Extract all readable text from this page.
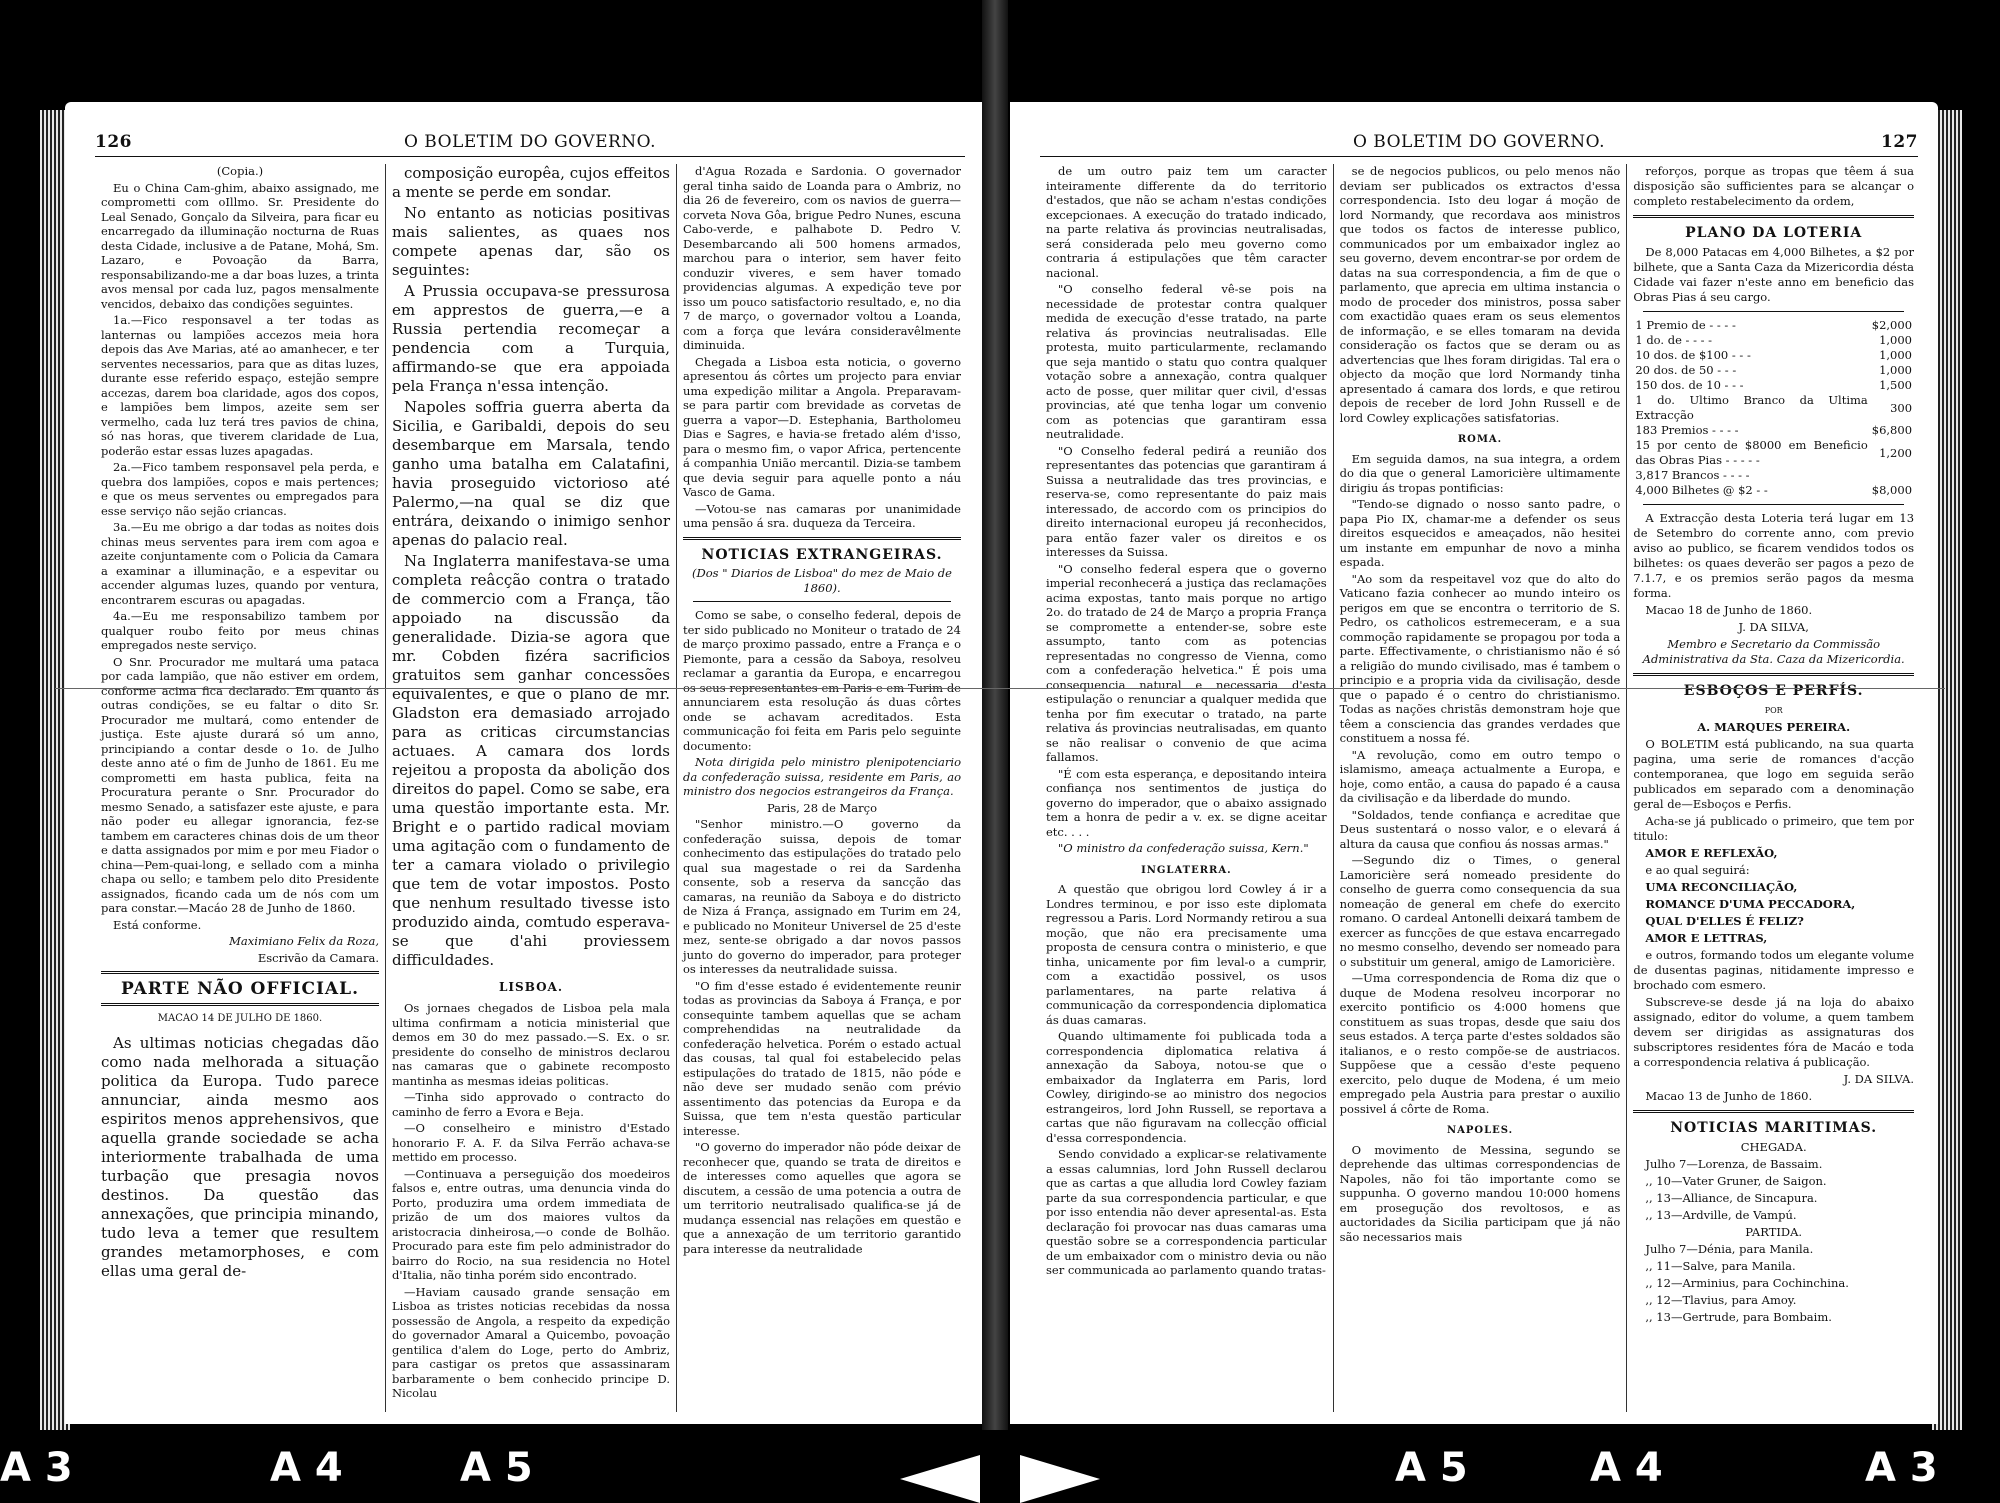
126	O BOLETIM DO GOVERNO.

(Copia.)

Eu o China Cam-ghim, abaixo assignado, me comprometti com oIllmo. Sr. Presidente do Leal Senado, Gonçalo da Silveira, para ficar eu encarregado da illuminação nocturna de Ruas desta Cidade, inclusive a de Patane, Mohá, Sm. Lazaro, e Povoação da Barra, responsabilizando-me a dar boas luzes, a trinta avos mensal por cada luz, pagos mensalmente vencidos, debaixo das condições seguintes.

1a.—Fico responsavel a ter todas as lanternas ou lampiões accezos meia hora depois das Ave Marias, até ao amanhecer, e ter serventes necessarios, para que as ditas luzes, durante esse referido espaço, estejão sempre accezas, darem boa claridade, agos dos copos, e lampiões bem limpos, azeite sem ser vermelho, cada luz terá tres pavios de china, só nas horas, que tiverem claridade de Lua, poderão estar essas luzes apagadas.

2a.—Fico tambem responsavel pela perda, e quebra dos lampiões, copos e mais pertences; e que os meus serventes ou empregados para esse serviço não sejão criancas.

3a.—Eu me obrigo a dar todas as noites dois chinas meus serventes para irem com agoa e azeite conjuntamente com o Policia da Camara a examinar a illuminação, e a espevitar ou accender algumas luzes, quando por ventura, encontrarem escuras ou apagadas.

4a.—Eu me responsabilizo tambem por qualquer roubo feito por meus chinas empregados neste serviço.

O Snr. Procurador me multará uma pataca por cada lampião, que não estiver em ordem, conforme acima fica declarado. Em quanto ás outras condições, se eu faltar o dito Sr. Procurador me multará, como entender de justiça. Este ajuste durará só um anno, principiando a contar desde o 1o. de Julho deste anno até o fim de Junho de 1861. Eu me comprometti em hasta publica, feita na Procuratura perante o Snr. Procurador do mesmo Senado, a satisfazer este ajuste, e para não poder eu allegar ignorancia, fez-se tambem em caracteres chinas dois de um theor e datta assignados por mim e por meu Fiador o china—Pem-quai-long, e sellado com a minha chapa ou sello; e tambem pelo dito Presidente assignados, ficando cada um de nós com um para constar.—Macáo 28 de Junho de 1860.

Está conforme.

Maximiano Felix da Roza,

Escrivão da Camara.

PARTE NÃO OFFICIAL.
MACAO 14 DE JULHO DE 1860.

As ultimas noticias chegadas dão como nada melhorada a situação politica da Europa. Tudo parece annunciar, ainda mesmo aos espiritos menos apprehensivos, que aquella grande sociedade se acha interiormente trabalhada de uma turbação que presagia novos destinos. Da questão das annexações, que principia minando, tudo leva a temer que resultem grandes metamorphoses, e com ellas uma geral de-

composição europêa, cujos effeitos a mente se perde em sondar.

No entanto as noticias positivas mais salientes, as quaes nos compete apenas dar, são os seguintes:

A Prussia occupava-se pressurosa em apprestos de guerra,—e a Russia pertendia recomeçar a pendencia com a Turquia, affirmando-se que era appoiada pela França n'essa intenção.

Napoles soffria guerra aberta da Sicilia, e Garibaldi, depois do seu desembarque em Marsala, tendo ganho uma batalha em Calatafini, havia proseguido victorioso até Palermo,—na qual se diz que entrára, deixando o inimigo senhor apenas do palacio real.

Na Inglaterra manifestava-se uma completa reâcção contra o tratado de commercio com a França, tão appoiado na discussão da generalidade. Dizia-se agora que mr. Cobden fizéra sacrificios gratuitos sem ganhar concessões equivalentes, e que o plano de mr. Gladston era demasiado arrojado para as criticas circumstancias actuaes. A camara dos lords rejeitou a proposta da abolição dos direitos do papel. Como se sabe, era uma questão importante esta. Mr. Bright e o partido radical moviam uma agitação com o fundamento de ter a camara violado o privilegio que tem de votar impostos. Posto que nenhum resultado tivesse isto produzido ainda, comtudo esperava-se que d'ahi proviessem difficuldades.

LISBOA.

Os jornaes chegados de Lisboa pela mala ultima confirmam a noticia ministerial que demos em 30 do mez passado.—S. Ex. o sr. presidente do conselho de ministros declarou nas camaras que o gabinete recomposto mantinha as mesmas ideias politicas.

—Tinha sido approvado o contracto do caminho de ferro a Evora e Beja.

—O conselheiro e ministro d'Estado honorario F. A. F. da Silva Ferrão achava-se mettido em processo.

—Continuava a perseguição dos moedeiros falsos e, entre outras, uma denuncia vinda do Porto, produzira uma ordem immediata de prizão de um dos maiores vultos da aristocracia dinheirosa,—o conde de Bolhão. Procurado para este fim pelo administrador do bairro do Rocio, na sua residencia no Hotel d'Italia, não tinha porém sido encontrado.

—Haviam causado grande sensação em Lisboa as tristes noticias recebidas da nossa possessão de Angola, a respeito da expedição do governador Amaral a Quicembo, povoação gentilica d'alem do Loge, perto do Ambriz, para castigar os pretos que assassinaram barbaramente o bem conhecido principe D. Nicolau

d'Agua Rozada e Sardonia. O governador geral tinha saido de Loanda para o Ambriz, no dia 26 de fevereiro, com os navios de guerra—corveta Nova Gôa, brigue Pedro Nunes, escuna Cabo-verde, e palhabote D. Pedro V. Desembarcando ali 500 homens armados, marchou para o interior, sem haver feito conduzir viveres, e sem haver tomado providencias algumas. A expedição teve por isso um pouco satisfactorio resultado, e, no dia 7 de março, o governador voltou a Loanda, com a força que levára consideravêlmente diminuida.

Chegada a Lisboa esta noticia, o governo apresentou ás côrtes um projecto para enviar uma expedição militar a Angola. Preparavam-se para partir com brevidade as corvetas de guerra a vapor—D. Estephania, Bartholomeu Dias e Sagres, e havia-se fretado além d'isso, para o mesmo fim, o vapor Africa, pertencente á companhia União mercantil. Dizia-se tambem que devia seguir para aquelle ponto a náu Vasco de Gama.

—Votou-se nas camaras por unanimidade uma pensão á sra. duqueza da Terceira.

NOTICIAS EXTRANGEIRAS.

(Dos " Diarios de Lisboa" do mez de Maio de 1860).

Como se sabe, o conselho federal, depois de ter sido publicado no Moniteur o tratado de 24 de março proximo passado, entre a França e o Piemonte, para a cessão da Saboya, resolveu reclamar a garantia da Europa, e encarregou os seus representantes em Paris e em Turim de annunciarem esta resolução ás duas côrtes onde se achavam acreditados. Esta communicação foi feita em Paris pelo seguinte documento:

Nota dirigida pelo ministro plenipotenciario da confederação suissa, residente em Paris, ao ministro dos negocios estrangeiros da França.

Paris, 28 de Março

"Senhor ministro.—O governo da confederação suissa, depois de tomar conhecimento das estipulações do tratado pelo qual sua magestade o rei da Sardenha consente, sob a reserva da sancção das camaras, na reunião da Saboya e do districto de Niza á França, assignado em Turim em 24, e publicado no Moniteur Universel de 25 d'este mez, sente-se obrigado a dar novos passos junto do governo do imperador, para proteger os interesses da neutralidade suissa.

"O fim d'esse estado é evidentemente reunir todas as provincias da Saboya á França, e por consequinte tambem aquellas que se acham comprehendidas na neutralidade da confederação helvetica. Porém o estado actual das cousas, tal qual foi estabelecido pelas estipulações do tratado de 1815, não póde e não deve ser mudado senão com prévio assentimento das potencias da Europa e da Suissa, que tem n'esta questão particular interesse.

"O governo do imperador não póde deixar de reconhecer que, quando se trata de direitos e de interesses como aquelles que agora se discutem, a cessão de uma potencia a outra de um territorio neutralisado qualifica-se já de mudança essencial nas relações em questão e que a annexação de um territorio garantido para interesse da neutralidade

O BOLETIM DO GOVERNO.	127

de um outro paiz tem um caracter inteiramente differente da do territorio d'estados, que não se acham n'estas condições excepcionaes. A execução do tratado indicado, na parte relativa ás provincias neutralisadas, será considerada pelo meu governo como contraria á estipulações que têm caracter nacional.

"O conselho federal vê-se pois na necessidade de protestar contra qualquer medida de execução d'esse tratado, na parte relativa ás provincias neutralisadas. Elle protesta, muito particularmente, reclamando que seja mantido o statu quo contra qualquer votação sobre a annexação, contra qualquer acto de posse, quer militar quer civil, d'essas provincias, até que tenha logar um convenio com as potencias que garantiram essa neutralidade.

"O Conselho federal pedirá a reunião dos representantes das potencias que garantiram á Suissa a neutralidade das tres provincias, e reserva-se, como representante do paiz mais interessado, de accordo com os principios do direito internacional europeu já reconhecidos, para então fazer valer os direitos e os interesses da Suissa.

"O conselho federal espera que o governo imperial reconhecerá a justiça das reclamações acima expostas, tanto mais porque no artigo 2o. do tratado de 24 de Março a propria França se compromette a entender-se, sobre este assumpto, tanto com as potencias representadas no congresso de Vienna, como com a confederação helvetica." É pois uma consequencia natural e necessaria d'esta estipulação o renunciar a qualquer medida que tenha por fim executar o tratado, na parte relativa ás provincias neutralisadas, em quanto se não realisar o convenio de que acima fallamos.

"É com esta esperança, e depositando inteira confiança nos sentimentos de justiça do governo do imperador, que o abaixo assignado tem a honra de pedir a v. ex. se digne aceitar etc. . . .

"O ministro da confederação suissa, Kern."

INGLATERRA.

A questão que obrigou lord Cowley á ir a Londres terminou, e por isso este diplomata regressou a Paris. Lord Normandy retirou a sua moção, que não era precisamente uma proposta de censura contra o ministerio, e que tinha, unicamente por fim leval-o a cumprir, com a exactidão possivel, os usos parlamentares, na parte relativa á communicação da correspondencia diplomatica ás duas camaras.

Quando ultimamente foi publicada toda a correspondencia diplomatica relativa á annexação da Saboya, notou-se que o embaixador da Inglaterra em Paris, lord Cowley, dirigindo-se ao ministro dos negocios estrangeiros, lord John Russell, se reportava a cartas que não figuravam na collecção official d'essa correspondencia.

Sendo convidado a explicar-se relativamente a essas calumnias, lord John Russell declarou que as cartas a que alludia lord Cowley faziam parte da sua correspondencia particular, e que por isso entendia não dever apresental-as. Esta declaração foi provocar nas duas camaras uma questão sobre se a correspondencia particular de um embaixador com o ministro devia ou não ser communicada ao parlamento quando tratas-

se de negocios publicos, ou pelo menos não deviam ser publicados os extractos d'essa correspondencia. Isto deu logar á moção de lord Normandy, que recordava aos ministros que todos os factos de interesse publico, communicados por um embaixador inglez ao seu governo, devem encontrar-se por ordem de datas na sua correspondencia, a fim de que o parlamento, que aprecia em ultima instancia o modo de proceder dos ministros, possa saber com exactidão quaes eram os seus elementos de informação, e se elles tomaram na devida consideração os factos que se deram ou as advertencias que lhes foram dirigidas. Tal era o objecto da moção que lord Normandy tinha apresentado á camara dos lords, e que retirou depois de receber de lord John Russell e de lord Cowley explicações satisfatorias.

ROMA.

Em seguida damos, na sua integra, a ordem do dia que o general Lamoricière ultimamente dirigiu ás tropas pontificias:

"Tendo-se dignado o nosso santo padre, o papa Pio IX, chamar-me a defender os seus direitos esquecidos e ameaçados, não hesitei um instante em empunhar de novo a minha espada.

"Ao som da respeitavel voz que do alto do Vaticano fazia conhecer ao mundo inteiro os perigos em que se encontra o territorio de S. Pedro, os catholicos estremeceram, e a sua commoção rapidamente se propagou por toda a parte. Effectivamente, o christianismo não é só a religião do mundo civilisado, mas é tambem o principio e a propria vida da civilisação, desde que o papado é o centro do christianismo. Todas as nações christãs demonstram hoje que têem a consciencia das grandes verdades que constituem a nossa fé.

"A revolução, como em outro tempo o islamismo, ameaça actualmente a Europa, e hoje, como então, a causa do papado é a causa da civilisação e da liberdade do mundo.

"Soldados, tende confiança e acreditae que Deus sustentará o nosso valor, e o elevará á altura da causa que confiou ás nossas armas."

—Segundo diz o Times, o general Lamoricière será nomeado presidente do conselho de guerra como consequencia da sua nomeação de general em chefe do exercito romano. O cardeal Antonelli deixará tambem de exercer as funcções de que estava encarregado no mesmo conselho, devendo ser nomeado para o substituir um general, amigo de Lamoricière.

—Uma correspondencia de Roma diz que o duque de Modena resolveu incorporar no exercito pontificio os 4:000 homens que constituem as suas tropas, desde que saiu dos seus estados. A terça parte d'estes soldados são italianos, e o resto compõe-se de austriacos. Suppõese que a cessão d'este pequeno exercito, pelo duque de Modena, é um meio empregado pela Austria para prestar o auxilio possivel á côrte de Roma.

NAPOLES.

O movimento de Messina, segundo se deprehende das ultimas correspondencias de Napoles, não foi tão importante como se suppunha. O governo mandou 10:000 homens em prosegução dos revoltosos, e as auctoridades da Sicilia participam que já não são necessarios mais

reforços, porque as tropas que têem á sua disposição são sufficientes para se alcançar o completo restabelecimento da ordem,

PLANO DA LOTERIA

De 8,000 Patacas em 4,000 Bilhetes, a $2 por bilhete, que a Santa Caza da Mizericordia désta Cidade vai fazer n'este anno em beneficio das Obras Pias á seu cargo.

1 Premio de - - - -	$2,000
1 do. de - - - -	1,000
10 dos. de $100 - - -	1,000
20 dos. de 50 - - -	1,000
150 dos. de 10 - - -	1,500
1 do. Ultimo Branco da Ultima Extracção	300
183 Premios - - - -	$6,800
15 por cento de $8000 em Beneficio das Obras Pias - - - - -	1,200
3,817 Brancos - - - -	
4,000 Bilhetes @ $2 - -	$8,000

A Extracção desta Loteria terá lugar em 13 de Setembro do corrente anno, com previo aviso ao publico, se ficarem vendidos todos os bilhetes: os quaes deverão ser pagos a pezo de 7.1.7, e os premios serão pagos da mesma forma.

Macao 18 de Junho de 1860.

J. DA SILVA,

Membro e Secretario da Commissão Administrativa da Sta. Caza da Mizericordia.

ESBOÇOS E PERFÍS.

POR

A. MARQUES PEREIRA.

O BOLETIM está publicando, na sua quarta pagina, uma serie de romances d'acção contemporanea, que logo em seguida serão publicados em separado com a denominação geral de—Esboços e Perfis.

Acha-se já publicado o primeiro, que tem por titulo:

AMOR E REFLEXÃO,

e ao qual seguirá:

UMA RECONCILIAÇÃO,

ROMANCE D'UMA PECCADORA,

QUAL D'ELLES É FELIZ?

AMOR E LETTRAS,

e outros, formando todos um elegante volume de dusentas paginas, nitidamente impresso e brochado com esmero.

Subscreve-se desde já na loja do abaixo assignado, editor do volume, a quem tambem devem ser dirigidas as assignaturas dos subscriptores residentes fóra de Macáo e toda a correspondencia relativa á publicação.

J. DA SILVA.

Macao 13 de Junho de 1860.

NOTICIAS MARITIMAS.

CHEGADA.

Julho 7—Lorenza, de Bassaim.

,, 10—Vater Gruner, de Saigon.

,, 13—Alliance, de Sincapura.

,, 13—Ardville, de Vampú.

PARTIDA.

Julho 7—Dénia, para Manila.

,, 11—Salve, para Manila.

,, 12—Arminius, para Cochinchina.

,, 12—Tlavius, para Amoy.

,, 13—Gertrude, para Bombaim.

A 3	A 4	A 5	A 5	A 4	A 3
